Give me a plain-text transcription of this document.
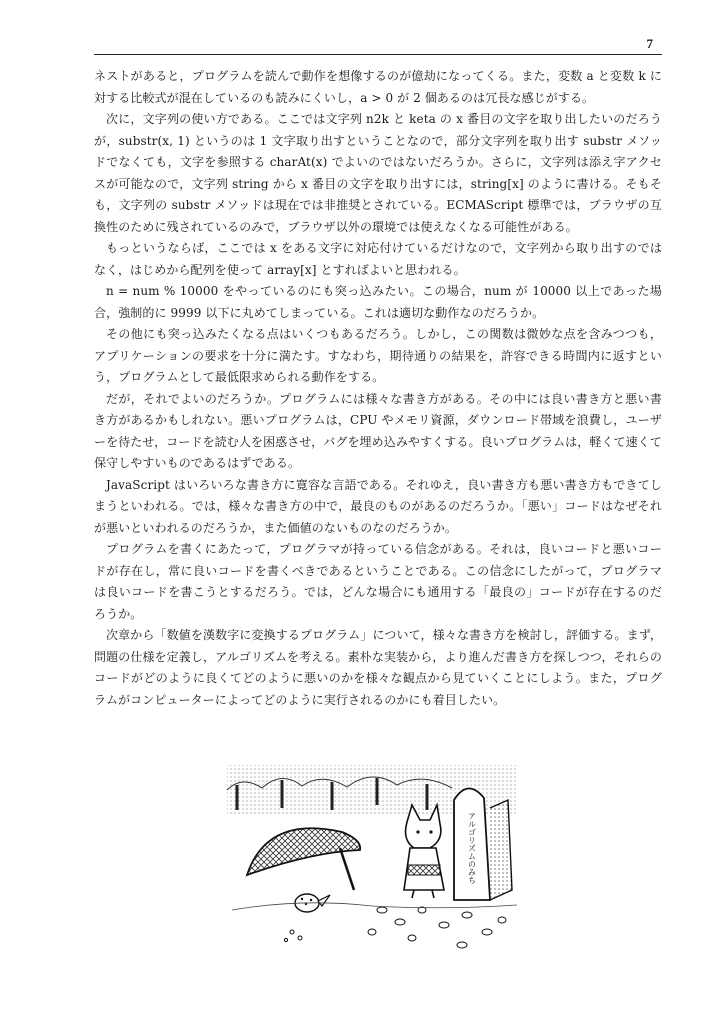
7

ネストがあると，プログラムを読んで動作を想像するのが億劫になってくる。また，変数 a と変数 k に対する比較式が混在しているのも読みにくいし，a > 0 が 2 個あるのは冗長な感じがする。

次に，文字列の使い方である。ここでは文字列 n2k と keta の x 番目の文字を取り出したいのだろうが，substr(x, 1) というのは 1 文字取り出すということなので，部分文字列を取り出す substr メソッドでなくても，文字を参照する charAt(x) でよいのではないだろうか。さらに，文字列は添え字アクセスが可能なので，文字列 string から x 番目の文字を取り出すには，string[x] のように書ける。そもそも，文字列の substr メソッドは現在では非推奨とされている。ECMAScript 標準では，ブラウザの互換性のために残されているのみで，ブラウザ以外の環境では使えなくなる可能性がある。

もっというならば，ここでは x をある文字に対応付けているだけなので，文字列から取り出すのではなく，はじめから配列を使って array[x] とすればよいと思われる。

n = num % 10000 をやっているのにも突っ込みたい。この場合，num が 10000 以上であった場合，強制的に 9999 以下に丸めてしまっている。これは適切な動作なのだろうか。

その他にも突っ込みたくなる点はいくつもあるだろう。しかし，この関数は微妙な点を含みつつも，アプリケーションの要求を十分に満たす。すなわち，期待通りの結果を，許容できる時間内に返すという，プログラムとして最低限求められる動作をする。

だが，それでよいのだろうか。プログラムには様々な書き方がある。その中には良い書き方と悪い書き方があるかもしれない。悪いプログラムは，CPU やメモリ資源，ダウンロード帯域を浪費し，ユーザーを待たせ，コードを読む人を困惑させ，バグを埋め込みやすくする。良いプログラムは，軽くて速くて保守しやすいものであるはずである。

JavaScript はいろいろな書き方に寛容な言語である。それゆえ，良い書き方も悪い書き方もできてしまうといわれる。では，様々な書き方の中で，最良のものがあるのだろうか。「悪い」コードはなぜそれが悪いといわれるのだろうか，また価値のないものなのだろうか。

プログラムを書くにあたって，プログラマが持っている信念がある。それは，良いコードと悪いコードが存在し，常に良いコードを書くべきであるということである。この信念にしたがって，プログラマは良いコードを書こうとするだろう。では，どんな場合にも通用する「最良の」コードが存在するのだろうか。

次章から「数値を漢数字に変換するプログラム」について，様々な書き方を検討し，評価する。まず，問題の仕様を定義し，アルゴリズムを考える。素朴な実装から，より進んだ書き方を探しつつ，それらのコードがどのように良くてどのように悪いのかを様々な観点から見ていくことにしよう。また，プログラムがコンピューターによってどのように実行されるのかにも着目したい。

アルゴリズムのみち
